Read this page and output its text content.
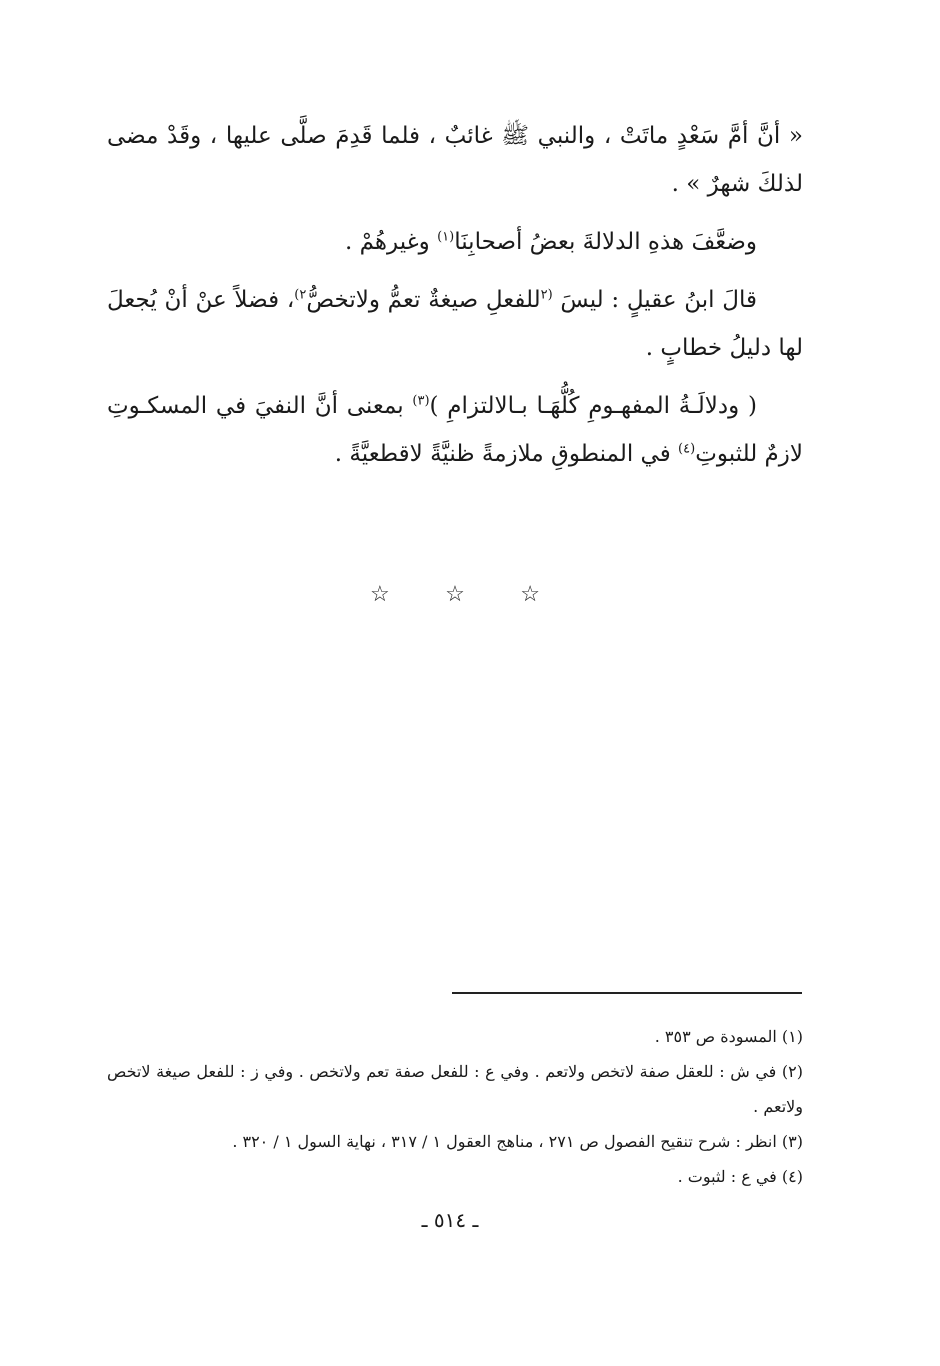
« أنَّ أمَّ سَعْدٍ ماتَتْ ، والنبي ﷺ غائبٌ ، فلما قَدِمَ صلَّى عليها ، وقَدْ مضى لذلكَ شهرٌ » .

وضعَّفَ هذهِ الدلالةَ بعضُ أصحابِنَا$^{(١)}$ وغيرهُمْ .

قالَ ابنُ عقيلٍ : ليسَ $^{(٢}$للفعلِ صيغةٌ تعمُّ ولاتخصُّ$^{٢)}$، فضلاً عنْ أنْ يُجعلَ لها دليلُ خطابٍ .

( ودلالَـةُ المفهـومِ كُلُّهَـا بـالالتزامِ )$^{(٣)}$ بمعنى أنَّ النفيَ في المسكـوتِ لازمٌ للثبوتِ$^{(٤)}$ في المنطوقِ ملازمةً ظنيَّةً لاقطعيَّةً .

☆	☆	☆

(١) المسودة ص ٣٥٣ .

(٢) في ش : للعقل صفة لاتخص ولاتعم . وفي ع : للفعل صفة تعم ولاتخص . وفي ز : للفعل صيغة لاتخص ولاتعم .

(٣) انظر : شرح تنقيح الفصول ص ٢٧١ ، مناهج العقول ١ / ٣١٧ ، نهاية السول ١ / ٣٢٠ .

(٤) في ع : لثبوت .

ـ ٥١٤ ـ
